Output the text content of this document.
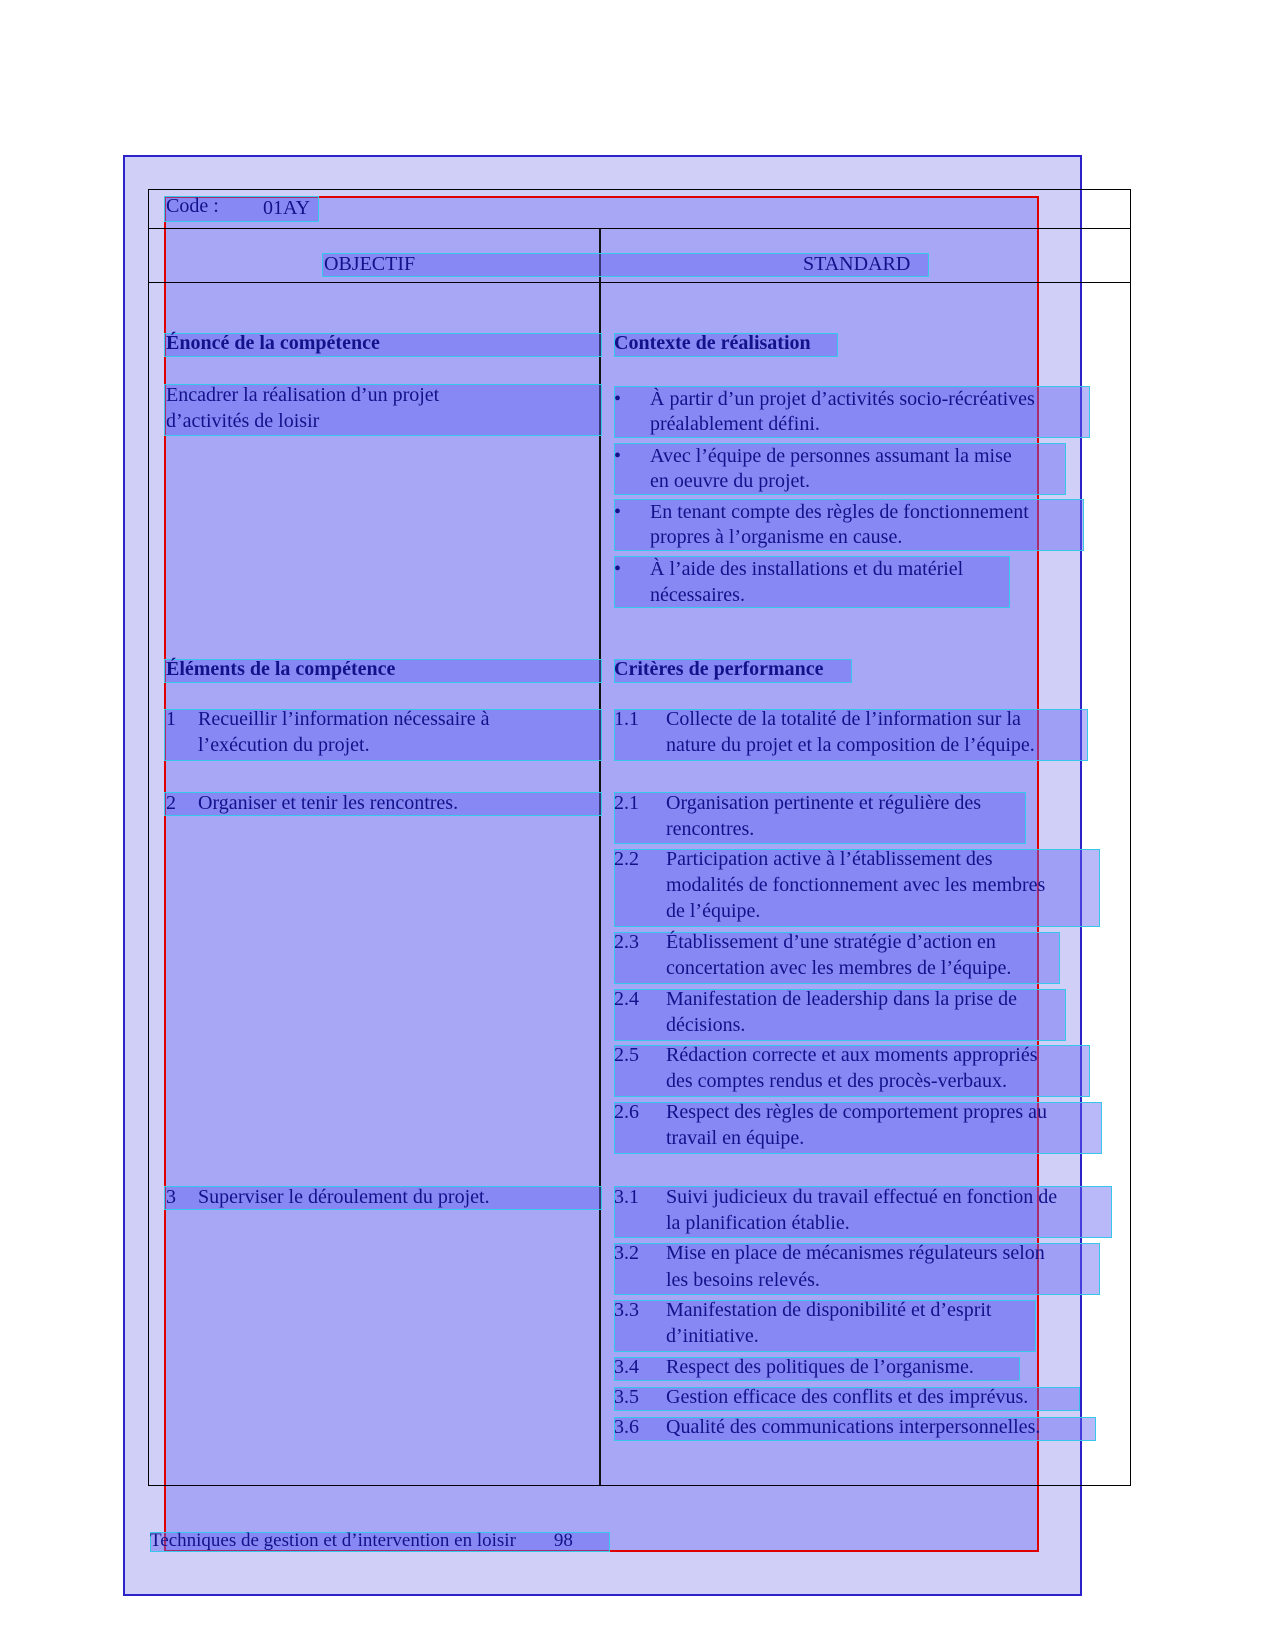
Code : 01AY
OBJECTIF	STANDARD
Énoncé de la compétence
Encadrer la réalisation d’un projet
d’activités de loisir
Contexte de réalisation
• À partir d’un projet d’activités socio-récréatives
préalablement défini.
• Avec l’équipe de personnes assumant la mise
en oeuvre du projet.
• En tenant compte des règles de fonctionnement
propres à l’organisme en cause.
• À l’aide des installations et du matériel
nécessaires.
Éléments de la compétence
1 Recueillir l’information nécessaire à
l’exécution du projet.
2 Organiser et tenir les rencontres.
3 Superviser le déroulement du projet.
Critères de performance
1.1 Collecte de la totalité de l’information sur la
nature du projet et la composition de l’équipe.
2.1 Organisation pertinente et régulière des
rencontres.
2.2 Participation active à l’établissement des
modalités de fonctionnement avec les membres
de l’équipe.
2.3 Établissement d’une stratégie d’action en
concertation avec les membres de l’équipe.
2.4 Manifestation de leadership dans la prise de
décisions.
2.5 Rédaction correcte et aux moments appropriés
des comptes rendus et des procès-verbaux.
2.6 Respect des règles de comportement propres au
travail en équipe.
3.1 Suivi judicieux du travail effectué en fonction de
la planification établie.
3.2 Mise en place de mécanismes régulateurs selon
les besoins relevés.
3.3 Manifestation de disponibilité et d’esprit
d’initiative.
3.4 Respect des politiques de l’organisme.
3.5 Gestion efficace des conflits et des imprévus.
3.6 Qualité des communications interpersonnelles.
Techniques de gestion et d’intervention en loisir 98
